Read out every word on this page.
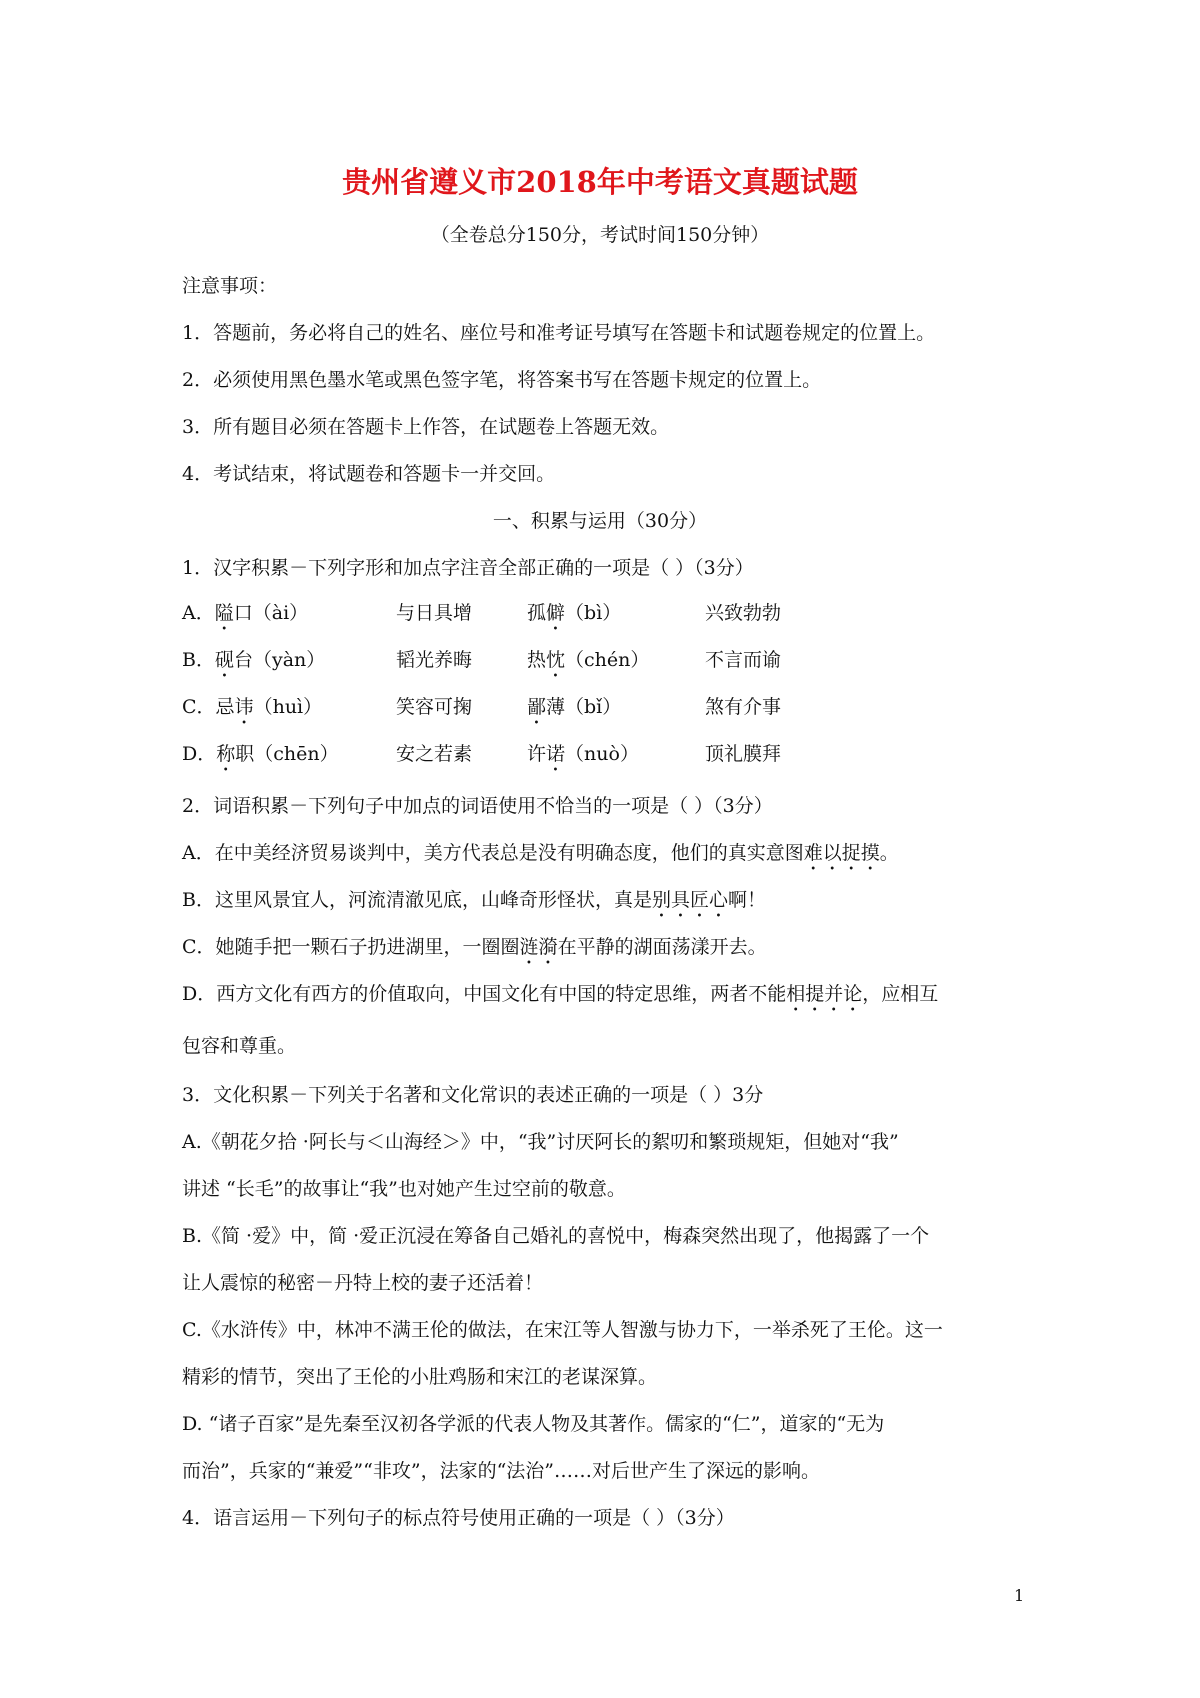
贵州省遵义市2018年中考语文真题试题
（全卷总分150分，考试时间150分钟）
注意事项：
1．答题前，务必将自己的姓名、座位号和准考证号填写在答题卡和试题卷规定的位置上。
2．必须使用黑色墨水笔或黑色签字笔，将答案书写在答题卡规定的位置上。
3．所有题目必须在答题卡上作答，在试题卷上答题无效。
4．考试结束，将试题卷和答题卡一并交回。
一、积累与运用（30分）
1．汉字积累－下列字形和加点字注音全部正确的一项是（ ）（3分）
A．隘口（ài）	与日具增	孤僻（bì）	兴致勃勃
B．砚台（yàn）	韬光养晦	热忱（chén）	不言而谕
C．忌讳（huì）	笑容可掬	鄙薄（bǐ）	煞有介事
D．称职（chēn）	安之若素	许诺（nuò）	顶礼膜拜
2．词语积累－下列句子中加点的词语使用不恰当的一项是（ ）（3分）
A．在中美经济贸易谈判中，美方代表总是没有明确态度，他们的真实意图难以捉摸。
B．这里风景宜人，河流清澈见底，山峰奇形怪状，真是别具匠心啊！
C．她随手把一颗石子扔进湖里，一圈圈涟漪在平静的湖面荡漾开去。
D．西方文化有西方的价值取向，中国文化有中国的特定思维，两者不能相提并论，应相互
包容和尊重。
3．文化积累－下列关于名著和文化常识的表述正确的一项是（ ）3分
A.《朝花夕拾 ·阿长与＜山海经＞》中，“我”讨厌阿长的絮叨和繁琐规矩，但她对“我”
讲述 “长毛”的故事让“我”也对她产生过空前的敬意。
B.《简 ·爱》中，简 ·爱正沉浸在筹备自己婚礼的喜悦中，梅森突然出现了，他揭露了一个
让人震惊的秘密－丹特上校的妻子还活着！
C.《水浒传》中，林冲不满王伦的做法，在宋江等人智激与协力下，一举杀死了王伦。这一
精彩的情节，突出了王伦的小肚鸡肠和宋江的老谋深算。
D. “诸子百家”是先秦至汉初各学派的代表人物及其著作。儒家的“仁”，道家的“无为
而治”，兵家的“兼爱”“非攻”，法家的“法治”……对后世产生了深远的影响。
4．语言运用－下列句子的标点符号使用正确的一项是（ ）（3分）
1
